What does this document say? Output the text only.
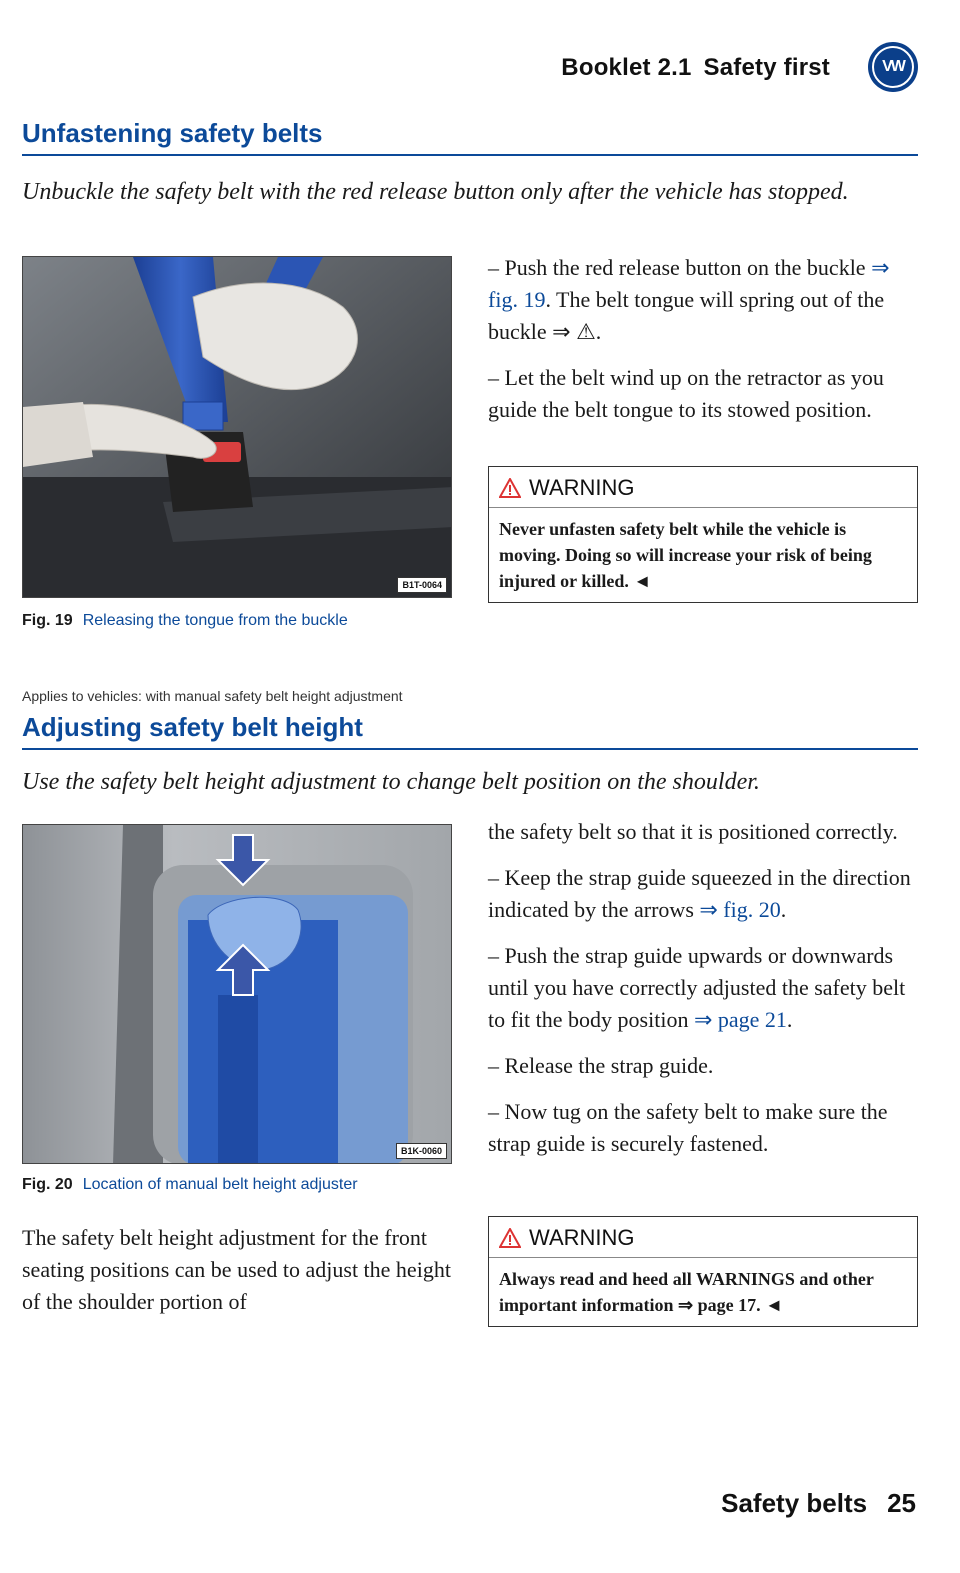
Booklet 2.1 Safety first	VW
Unfastening safety belts
Unbuckle the safety belt with the red release button only after the vehicle has stopped.
B1T-0064
Fig. 19 Releasing the tongue from the buckle

– Push the red release button on the buckle ⇒ fig. 19. The belt tongue will spring out of the buckle ⇒ ⚠.

– Let the belt wind up on the retractor as you guide the belt tongue to its stowed position.

WARNING
Never unfasten safety belt while the vehicle is moving. Doing so will increase your risk of being injured or killed. ◄
Applies to vehicles: with manual safety belt height adjustment
Adjusting safety belt height
Use the safety belt height adjustment to change belt position on the shoulder.
B1K-0060
Fig. 20 Location of manual belt height adjuster
The safety belt height adjustment for the front seating positions can be used to adjust the height of the shoulder portion of

the safety belt so that it is positioned correctly.

– Keep the strap guide squeezed in the direction indicated by the arrows ⇒ fig. 20.

– Push the strap guide upwards or downwards until you have correctly adjusted the safety belt to fit the body position ⇒ page 21.

– Release the strap guide.

– Now tug on the safety belt to make sure the strap guide is securely fastened.

WARNING
Always read and heed all WARNINGS and other important information ⇒ page 17. ◄
Safety belts 25
